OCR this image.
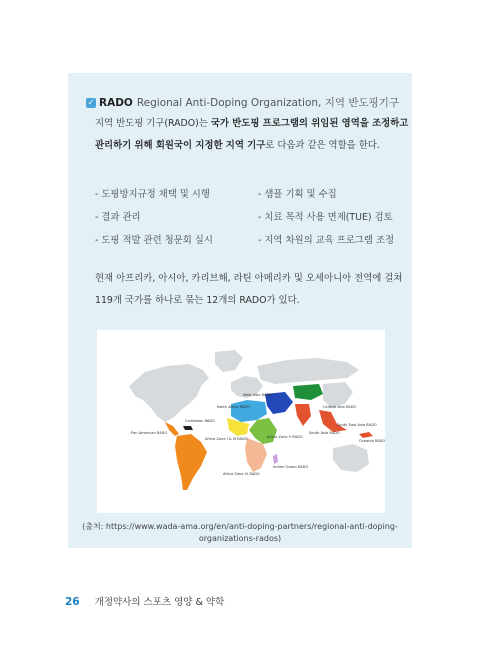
✓ RADO Regional Anti-Doping Organization, 지역 반도핑기구
지역 반도핑 기구(RADO)는 국가 반도핑 프로그램의 위임된 영역을 조정하고
관리하기 위해 회원국이 지정한 지역 기구로 다음과 같은 역할을 한다.
- 도핑방지규정 채택 및 시행
- 결과 관리
- 도핑 적발 관련 청문회 실시
- 샘플 기획 및 수집
- 치료 목적 사용 면제(TUE) 검토
- 지역 차원의 교육 프로그램 조정
현재 아프리카, 아시아, 카리브해, 라틴 아메리카 및 오세아니아 전역에 걸쳐
119개 국가를 하나로 묶는 12개의 RADO가 있다.
West Asia RADO
North Africa RADO
Caribbean RADO
Pan American RADO
Africa Zone I & III RADO	Africa Zone V RADO
Africa Zone VI RADO
Indian Ocean RADO
Central Asia RADO
South East Asia RADO
South Asia RADO
Oceania RADO
(출처: https://www.wada-ama.org/en/anti-doping-partners/regional-anti-doping-
organizations-rados)
26 개정약사의 스포츠 영양 & 약학
